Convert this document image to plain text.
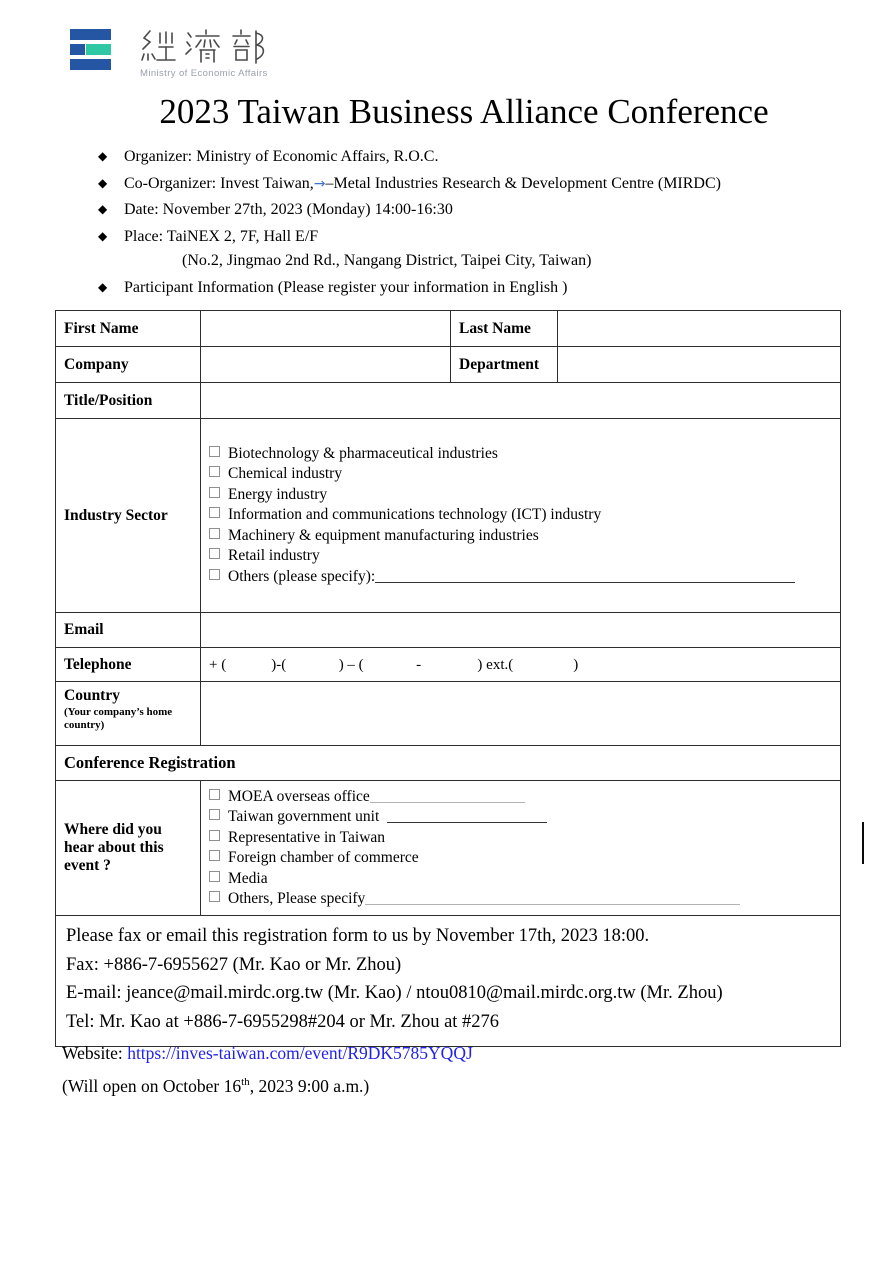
Ministry of Economic Affairs
2023 Taiwan Business Alliance Conference
◆ Organizer: Ministry of Economic Affairs, R.O.C.
◆ Co-Organizer: Invest Taiwan,→–Metal Industries Research & Development Centre (MIRDC)
◆ Date: November 27th, 2023 (Monday) 14:00-16:30
◆ Place: TaiNEX 2, 7F, Hall E/F
(No.2, Jingmao 2nd Rd., Nangang District, Taipei City, Taiwan)
◆ Participant Information (Please register your information in English )
First Name		Last Name	
Company		Department	
Title/Position			
Industry Sector	
Biotechnology & pharmaceutical industries
Chemical industry
Energy industry
Information and communications technology (ICT) industry
Machinery & equipment manufacturing industries
Retail industry
Others (please specify):

Email			
Telephone	+ (            )-(              ) – (              -               ) ext.(                )		

Country
(Your company’s home country)			

Conference Registration			
Where did you hear about this event ?	
MOEA overseas office
Taiwan government unit
Representative in Taiwan
Foreign chamber of commerce
Media
Others, Please specify

Please fax or email this registration form to us by November 17th, 2023 18:00.
Fax: +886-7-6955627 (Mr. Kao or Mr. Zhou)
E-mail: jeance@mail.mirdc.org.tw (Mr. Kao) / ntou0810@mail.mirdc.org.tw (Mr. Zhou)
Tel: Mr. Kao at +886-7-6955298#204 or Mr. Zhou at #276			
Website: https://inves-taiwan.com/event/R9DK5785YQQJ
(Will open on October 16th, 2023 9:00 a.m.)
